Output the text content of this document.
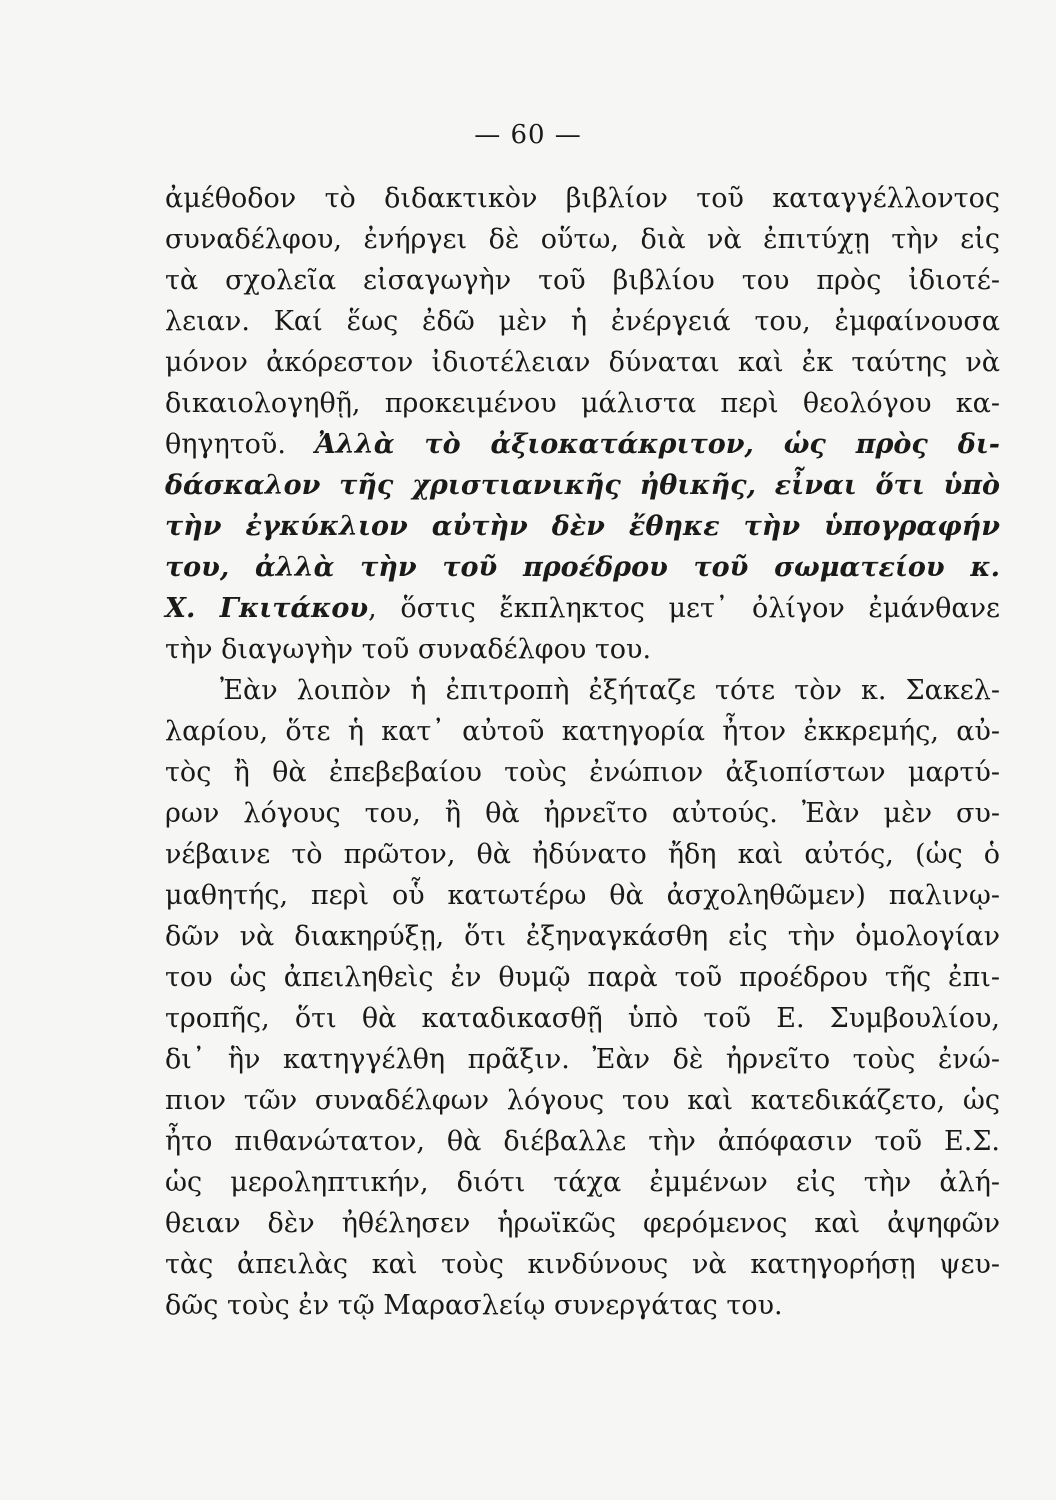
— 60 —
ἀμέθοδον τὸ διδακτικὸν βιβλίον τοῦ καταγγέλλοντος
συναδέλφου, ἐνήργει δὲ οὕτω, διὰ νὰ ἐπιτύχῃ τὴν εἰς
τὰ σχολεῖα εἰσαγωγὴν τοῦ βιβλίου του πρὸς ἰδιοτέ-
λειαν. Καί ἕως ἐδῶ μὲν ἡ ἐνέργειά του, ἐμφαίνουσα
μόνον ἀκόρεστον ἰδιοτέλειαν δύναται καὶ ἐκ ταύτης νὰ
δικαιολογηθῇ, προκειμένου μάλιστα περὶ θεολόγου κα-
θηγητοῦ. Ἀλλὰ τὸ ἀξιοκατάκριτον, ὡς πρὸς δι-
δάσκαλον τῆς χριστιανικῆς ἠθικῆς, εἶναι ὅτι ὑπὸ
τὴν ἐγκύκλιον αὐτὴν δὲν ἔθηκε τὴν ὑπογραφήν
του, ἀλλὰ τὴν τοῦ προέδρου τοῦ σωματείου κ.
Χ. Γκιτάκου, ὅστις ἔκπληκτος μετ᾿ ὀλίγον ἐμάνθανε
τὴν διαγωγὴν τοῦ συναδέλφου του.
Ἐὰν λοιπὸν ἡ ἐπιτροπὴ ἐξήταζε τότε τὸν κ. Σακελ-
λαρίου, ὅτε ἡ κατ᾿ αὐτοῦ κατηγορία ἦτον ἐκκρεμής, αὐ-
τὸς ἢ θὰ ἐπεβεβαίου τοὺς ἐνώπιον ἀξιοπίστων μαρτύ-
ρων λόγους του, ἢ θὰ ἠρνεῖτο αὐτούς. Ἐὰν μὲν συ-
νέβαινε τὸ πρῶτον, θὰ ἠδύνατο ἤδη καὶ αὐτός, (ὡς ὁ
μαθητής, περὶ οὗ κατωτέρω θὰ ἀσχοληθῶμεν) παλινῳ-
δῶν νὰ διακηρύξῃ, ὅτι ἐξηναγκάσθη εἰς τὴν ὁμολογίαν
του ὡς ἀπειληθεὶς ἐν θυμῷ παρὰ τοῦ προέδρου τῆς ἐπι-
τροπῆς, ὅτι θὰ καταδικασθῇ ὑπὸ τοῦ Ε. Συμβουλίου,
δι᾿ ἣν κατηγγέλθη πρᾶξιν. Ἐὰν δὲ ἠρνεῖτο τοὺς ἐνώ-
πιον τῶν συναδέλφων λόγους του καὶ κατεδικάζετο, ὡς
ἦτο πιθανώτατον, θὰ διέβαλλε τὴν ἀπόφασιν τοῦ Ε.Σ.
ὡς μεροληπτικήν, διότι τάχα ἐμμένων εἰς τὴν ἀλή-
θειαν δὲν ἠθέλησεν ἡρωϊκῶς φερόμενος καὶ ἀψηφῶν
τὰς ἀπειλὰς καὶ τοὺς κινδύνους νὰ κατηγορήσῃ ψευ-
δῶς τοὺς ἐν τῷ Μαρασλείῳ συνεργάτας του.
